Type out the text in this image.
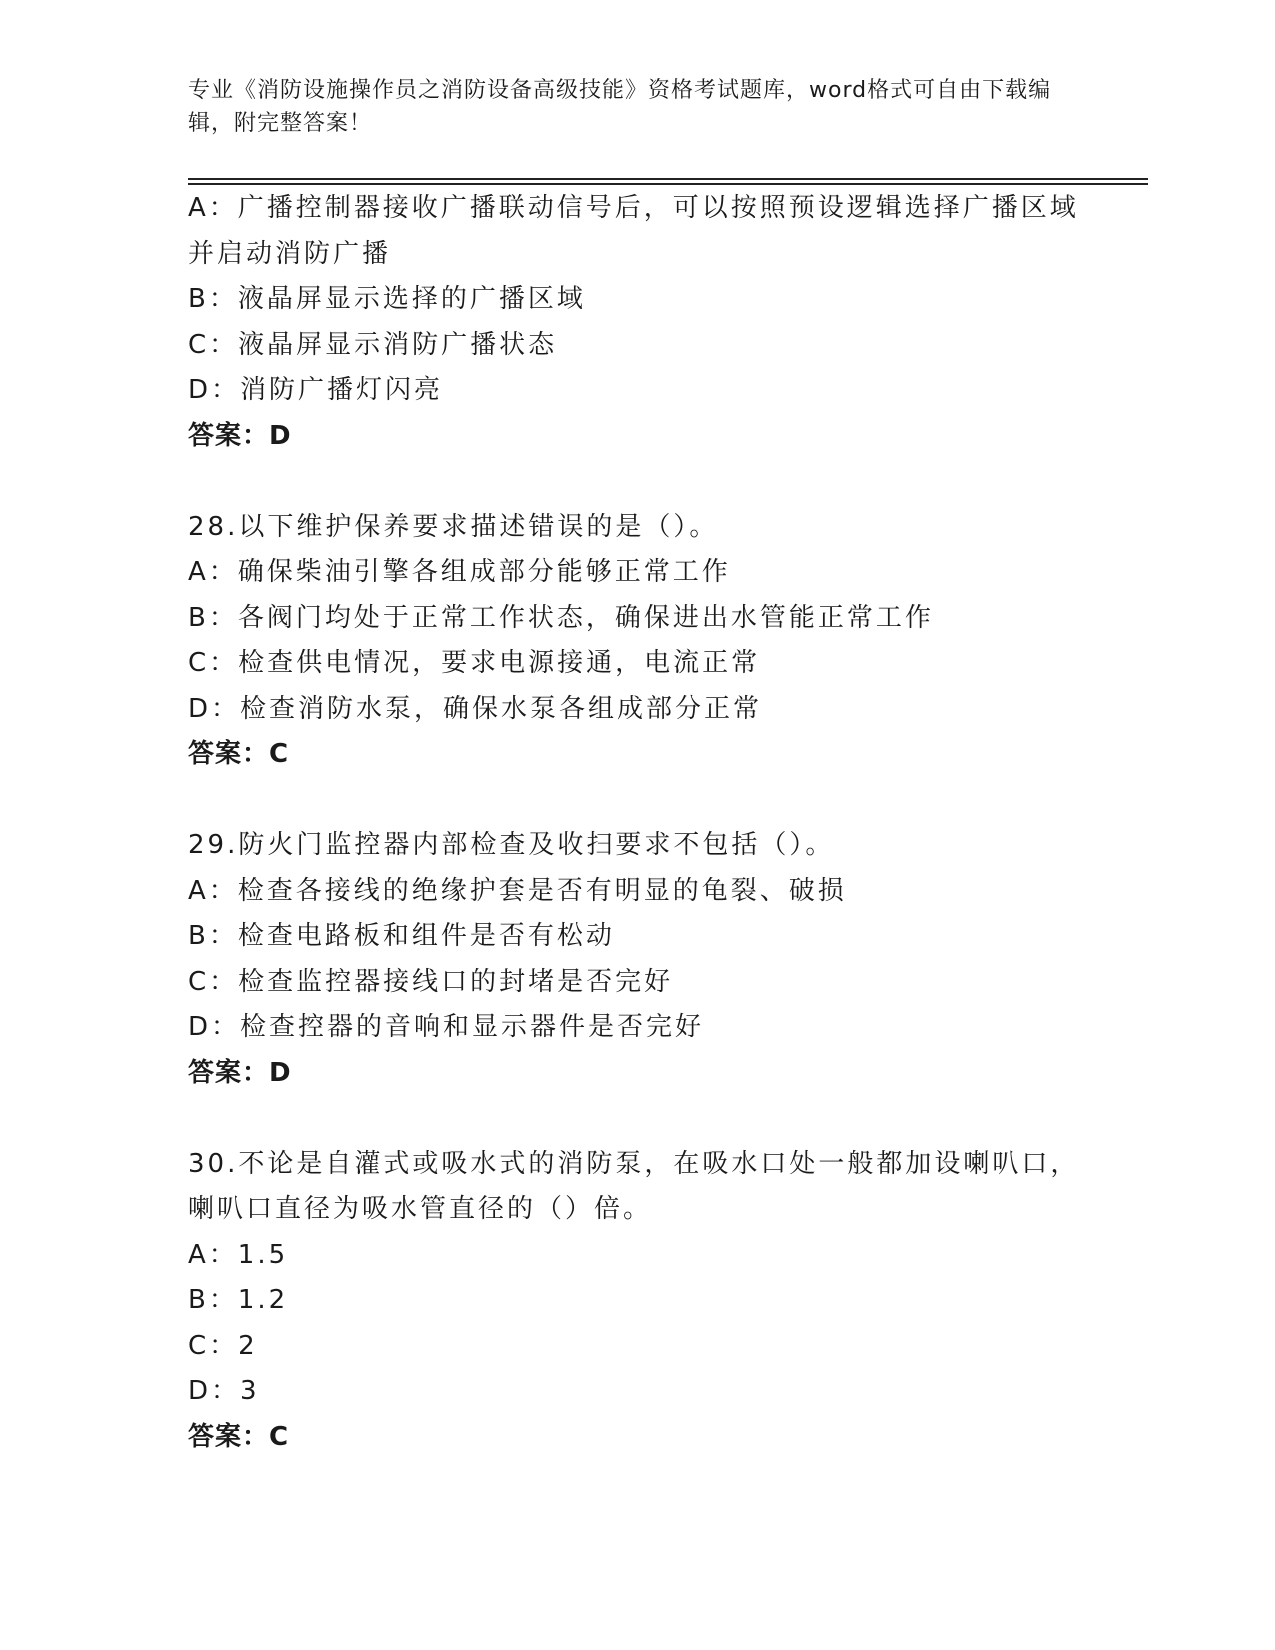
专业《消防设施操作员之消防设备高级技能》资格考试题库，word格式可自由下载编辑，附完整答案！
A：广播控制器接收广播联动信号后，可以按照预设逻辑选择广播区域
并启动消防广播
B：液晶屏显示选择的广播区域
C：液晶屏显示消防广播状态
D：消防广播灯闪亮
答案：D
28.以下维护保养要求描述错误的是（）。
A：确保柴油引擎各组成部分能够正常工作
B：各阀门均处于正常工作状态，确保进出水管能正常工作
C：检查供电情况，要求电源接通，电流正常
D：检查消防水泵，确保水泵各组成部分正常
答案：C
29.防火门监控器内部检查及收扫要求不包括（）。
A：检查各接线的绝缘护套是否有明显的龟裂、破损
B：检查电路板和组件是否有松动
C：检查监控器接线口的封堵是否完好
D：检查控器的音响和显示器件是否完好
答案：D
30.不论是自灌式或吸水式的消防泵，在吸水口处一般都加设喇叭口，
喇叭口直径为吸水管直径的（）倍。
A：1.5
B：1.2
C：2
D：3
答案：C
